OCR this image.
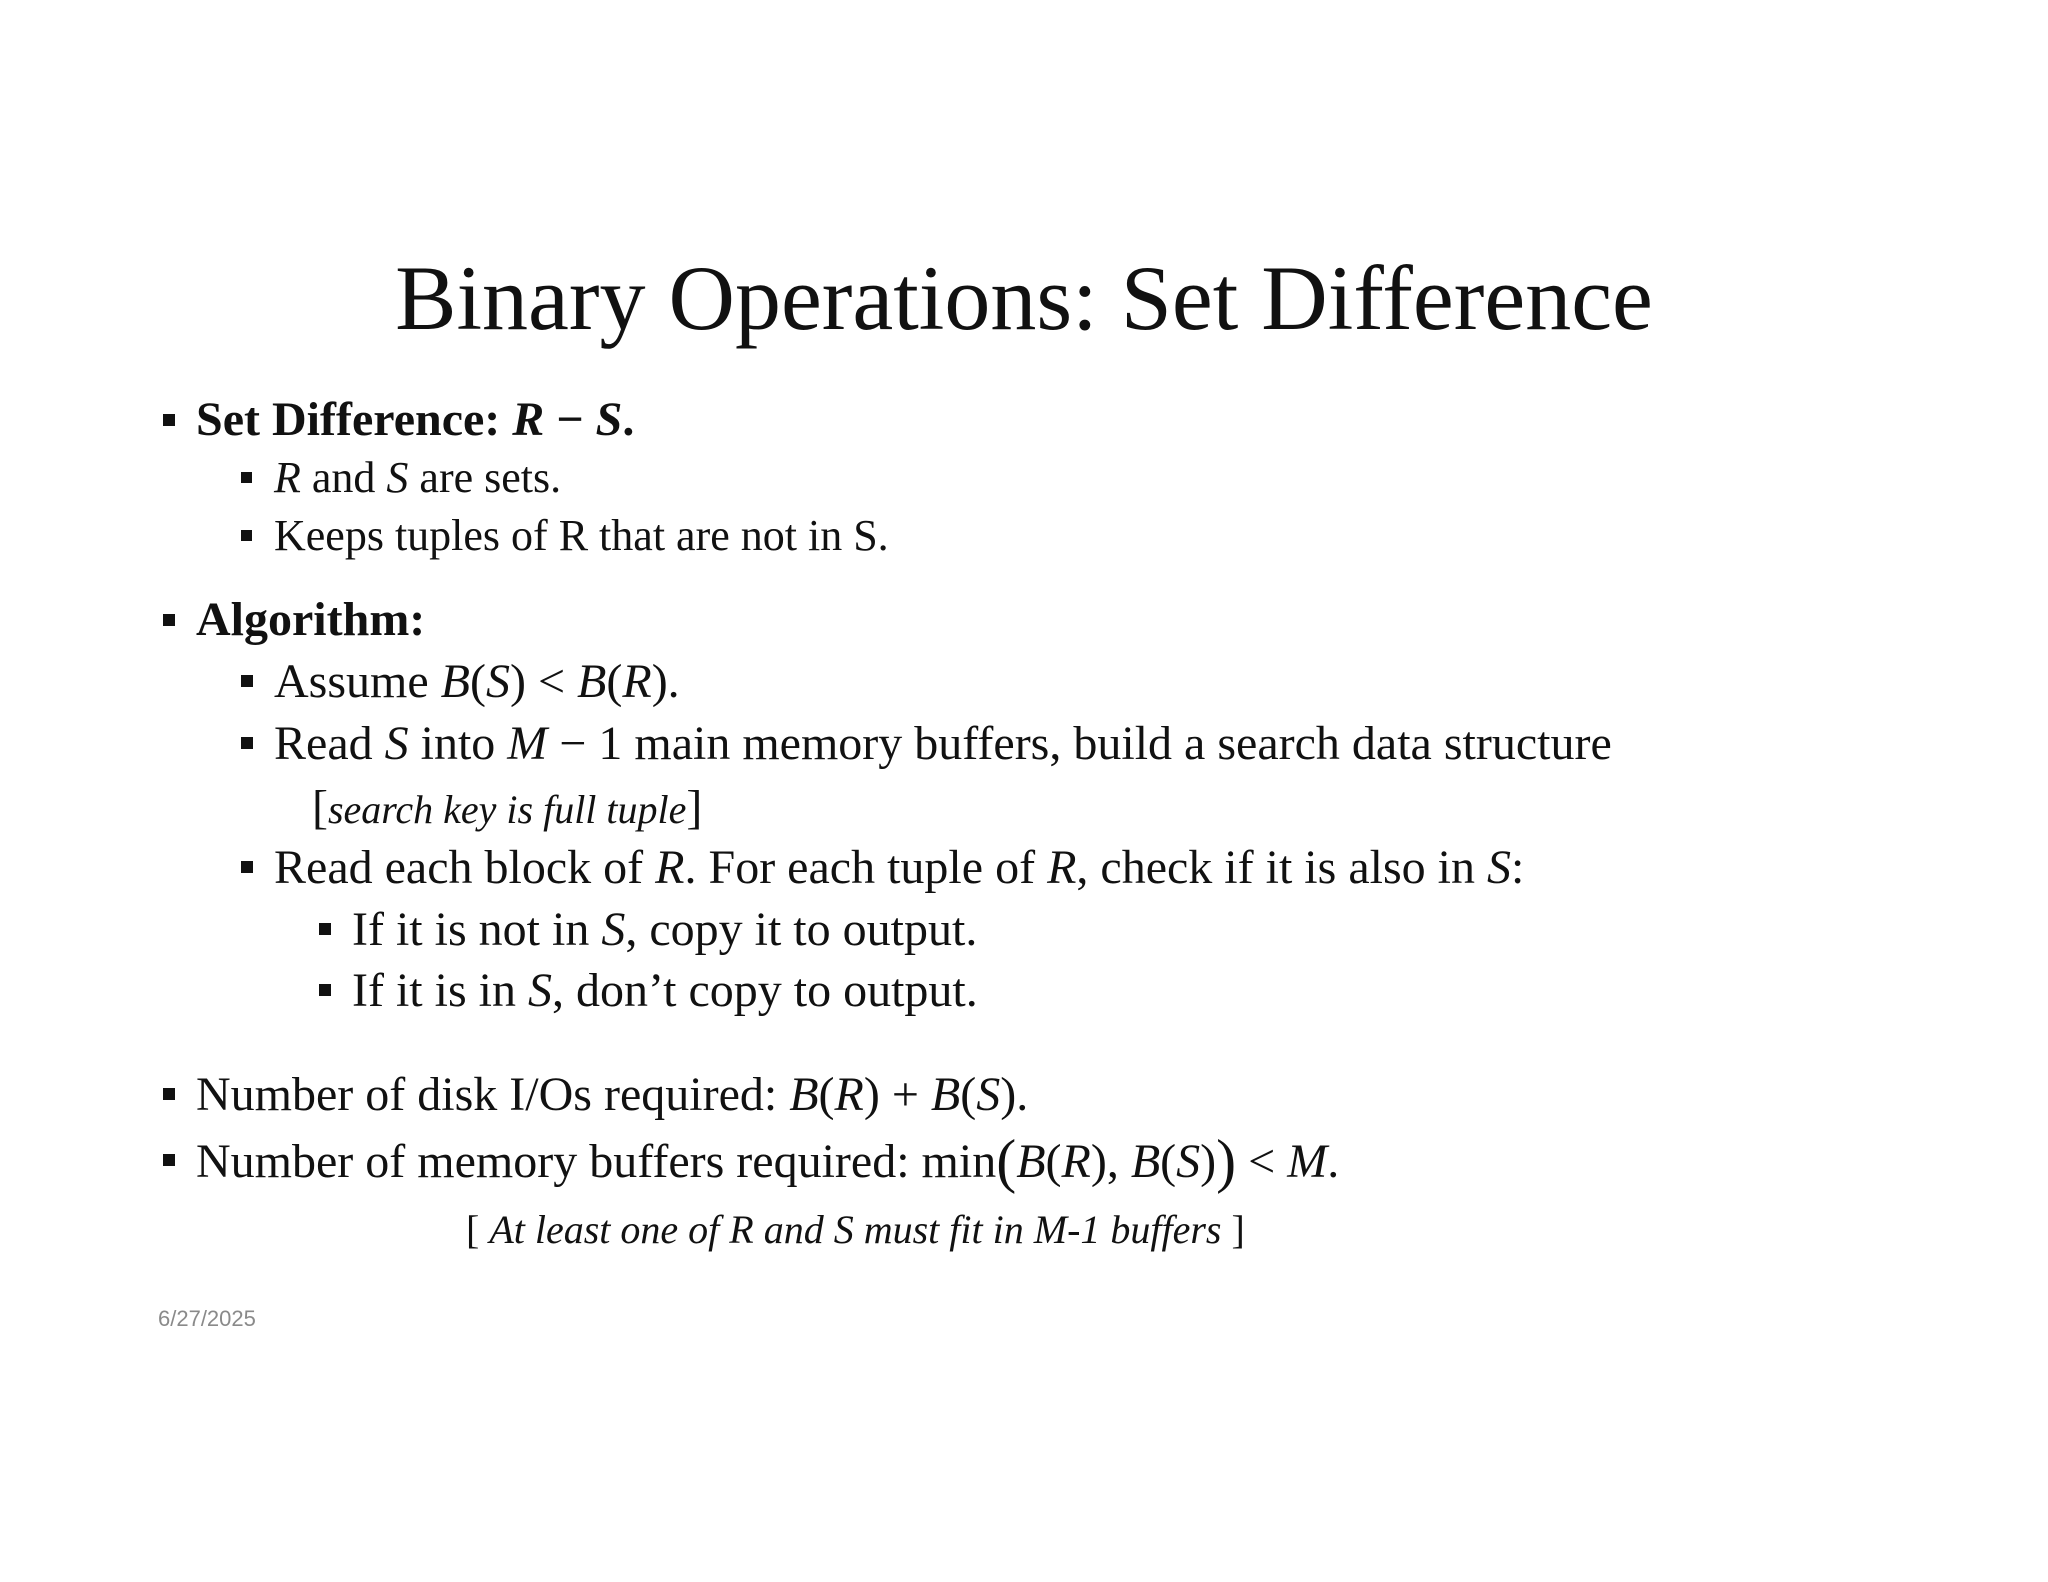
Binary Operations: Set Difference
Set Difference: R − S.
R and S are sets.
Keeps tuples of R that are not in S.
Algorithm:
Assume B(S) < B(R).
Read S into M − 1 main memory buffers, build a search data structure
[search key is full tuple]
Read each block of R. For each tuple of R, check if it is also in S:
If it is not in S, copy it to output.
If it is in S, don’t copy to output.
Number of disk I/Os required: B(R) + B(S).
Number of memory buffers required: min(B(R), B(S)) < M.
[ At least one of R and S must fit in M-1 buffers ]
6/27/2025
